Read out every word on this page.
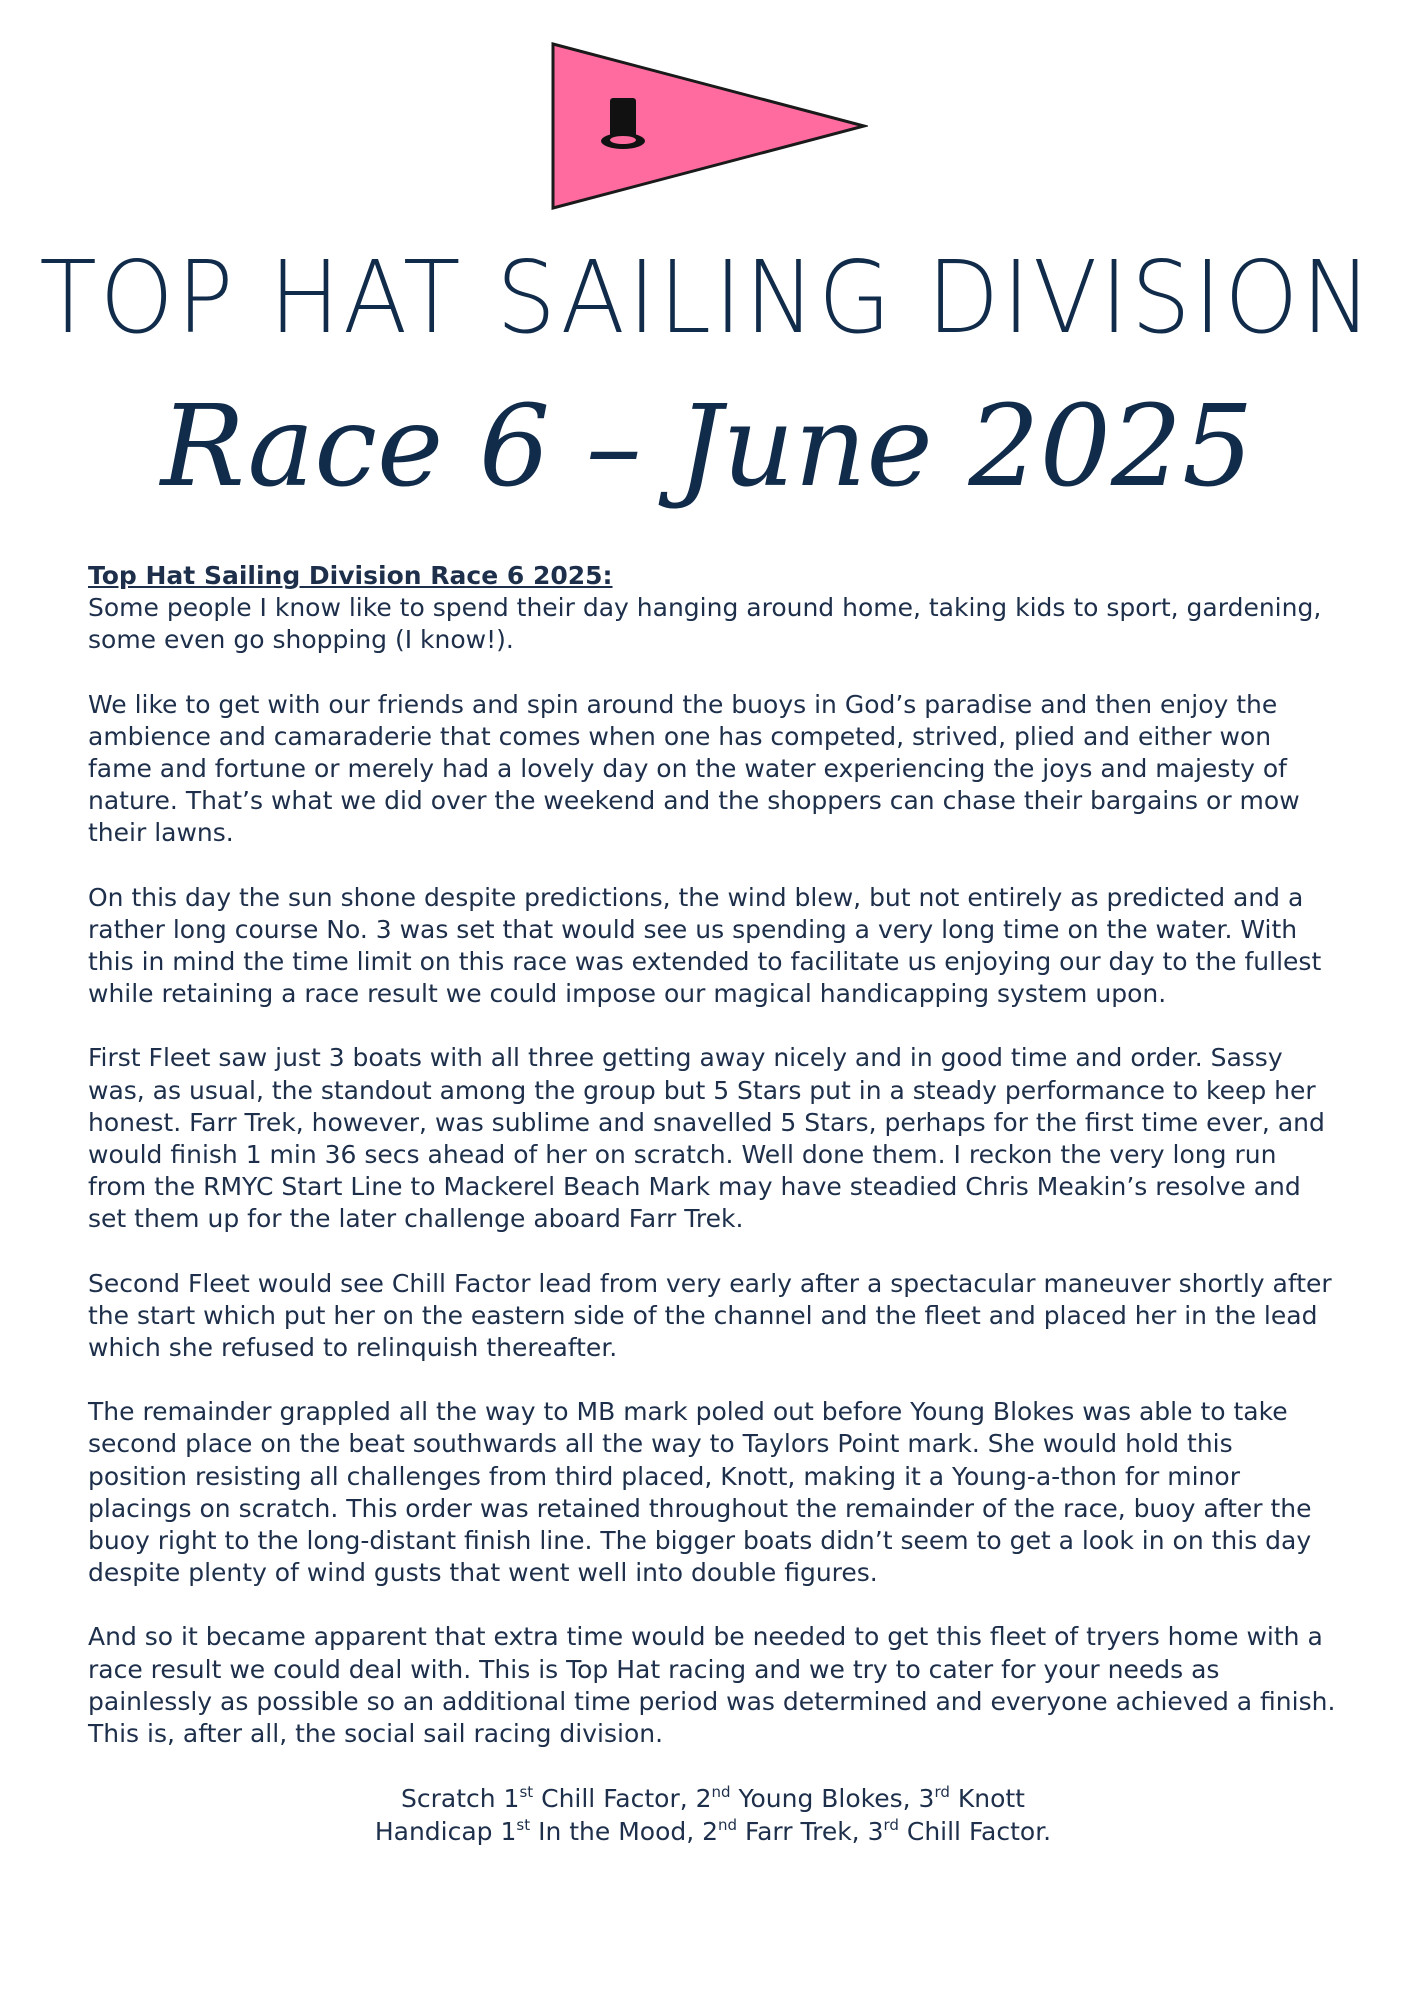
TOP HAT SAILING DIVISION
Race 6 – June 2025
Top Hat Sailing Division Race 6 2025:

Some people I know like to spend their day hanging around home, taking kids to sport, gardening, some even go shopping (I know!).

We like to get with our friends and spin around the buoys in God’s paradise and then enjoy the ambience and camaraderie that comes when one has competed, strived, plied and either won fame and fortune or merely had a lovely day on the water experiencing the joys and majesty of nature. That’s what we did over the weekend and the shoppers can chase their bargains or mow their lawns.

On this day the sun shone despite predictions, the wind blew, but not entirely as predicted and a rather long course No. 3 was set that would see us spending a very long time on the water. With this in mind the time limit on this race was extended to facilitate us enjoying our day to the fullest while retaining a race result we could impose our magical handicapping system upon.

First Fleet saw just 3 boats with all three getting away nicely and in good time and order. Sassy was, as usual, the standout among the group but 5 Stars put in a steady performance to keep her honest. Farr Trek, however, was sublime and snavelled 5 Stars, perhaps for the first time ever, and would finish 1 min 36 secs ahead of her on scratch. Well done them. I reckon the very long run from the RMYC Start Line to Mackerel Beach Mark may have steadied Chris Meakin’s resolve and set them up for the later challenge aboard Farr Trek.

Second Fleet would see Chill Factor lead from very early after a spectacular maneuver shortly after the start which put her on the eastern side of the channel and the fleet and placed her in the lead which she refused to relinquish thereafter.

The remainder grappled all the way to MB mark poled out before Young Blokes was able to take second place on the beat southwards all the way to Taylors Point mark. She would hold this position resisting all challenges from third placed, Knott, making it a Young-a-thon for minor placings on scratch. This order was retained throughout the remainder of the race, buoy after the buoy right to the long-distant finish line. The bigger boats didn’t seem to get a look in on this day despite plenty of wind gusts that went well into double figures.

And so it became apparent that extra time would be needed to get this fleet of tryers home with a race result we could deal with. This is Top Hat racing and we try to cater for your needs as painlessly as possible so an additional time period was determined and everyone achieved a finish. This is, after all, the social sail racing division.

Scratch 1st Chill Factor, 2nd Young Blokes, 3rd Knott
Handicap 1st In the Mood, 2nd Farr Trek, 3rd Chill Factor.
